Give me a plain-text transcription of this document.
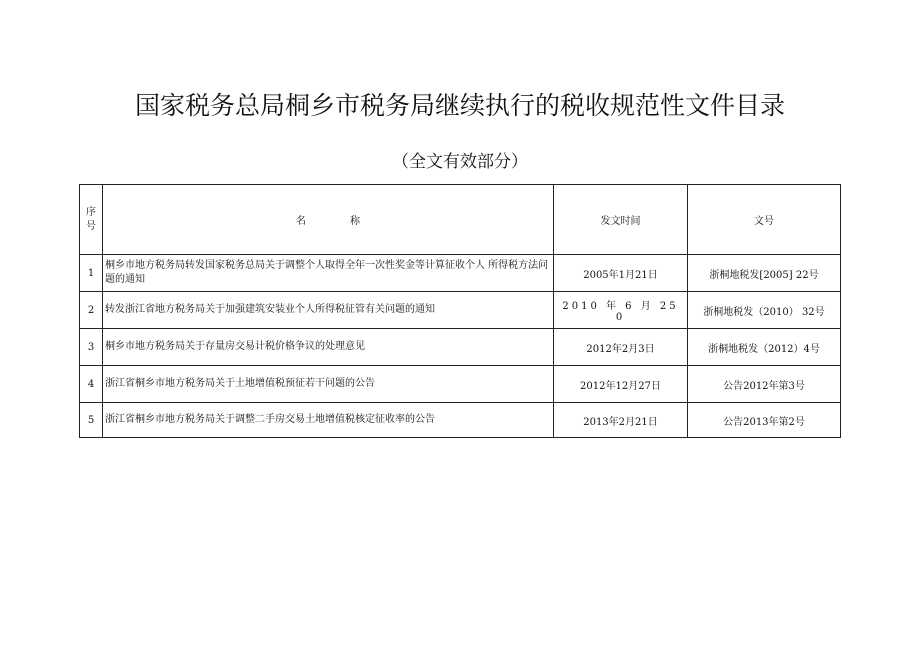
国家税务总局桐乡市税务局继续执行的税收规范性文件目录
（全文有效部分）
序
号	名 称	发文时间	文号
1	桐乡市地方税务局转发国家税务总局关于调整个人取得全年一次性奖金等计算征收个人 所得税方法问题的通知	2005年1月21日	浙桐地税发[2005] 22号
2	转发浙江省地方税务局关于加强建筑安装业个人所得税征管有关问题的通知	2010 年 6 月 25 0	浙桐地税发（2010） 32号
3	桐乡市地方税务局关于存量房交易计税价格争议的处理意见	2012年2月3日	浙桐地税发（2012）4号
4	浙江省桐乡市地方税务局关于土地增值税预征若干问题的公告	2012年12月27日	公告2012年第3号
5	浙江省桐乡市地方税务局关于调整二手房交易土地增值税核定征收率的公告	2013年2月21日	公告2013年第2号
